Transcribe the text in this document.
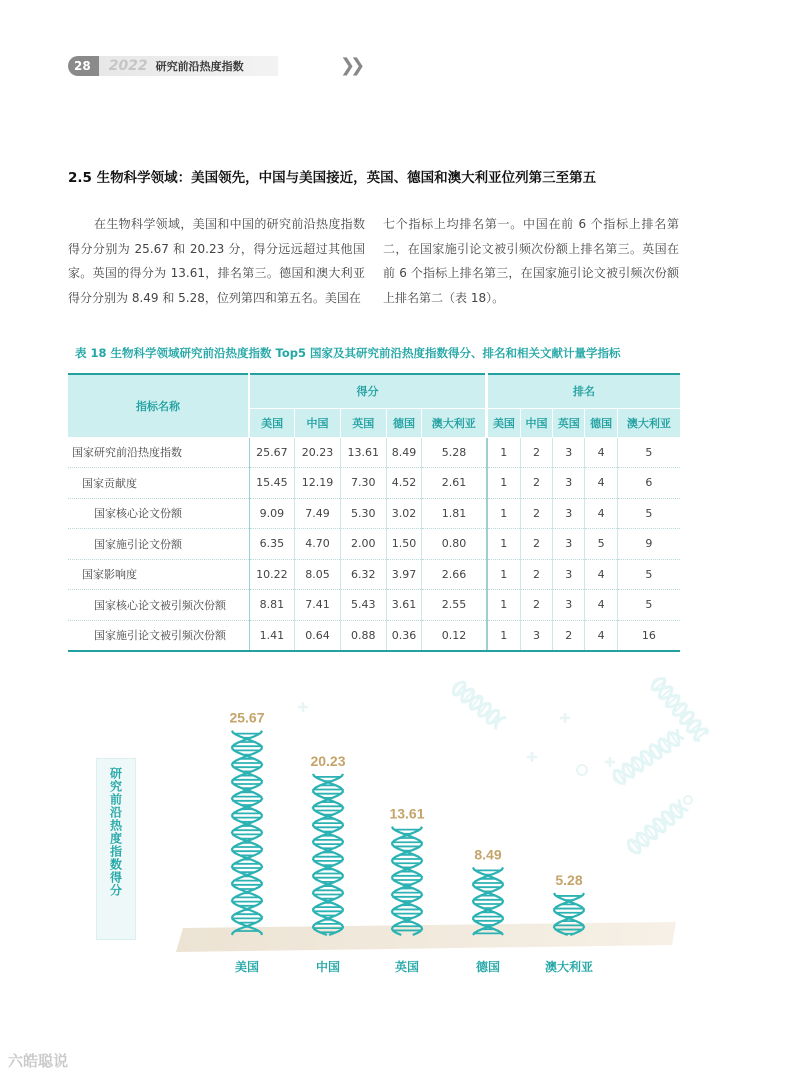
28	2022 研究前沿热度指数	❯❯
2.5 生物科学领域：美国领先，中国与美国接近，英国、德国和澳大利亚位列第三至第五

在生物科学领域，美国和中国的研究前沿热度指数得分分别为 25.67 和 20.23 分，得分远远超过其他国家。英国的得分为 13.61，排名第三。德国和澳大利亚得分分别为 8.49 和 5.28，位列第四和第五名。美国在

七个指标上均排名第一。中国在前 6 个指标上排名第二，在国家施引论文被引频次份额上排名第三。英国在前 6 个指标上排名第三，在国家施引论文被引频次份额上排名第二（表 18）。

表 18 生物科学领域研究前沿热度指数 Top5 国家及其研究前沿热度指数得分、排名和相关文献计量学指标
指标名称	得分					排名				
	美国	中国	英国	德国	澳大利亚	美国	中国	英国	德国	澳大利亚
国家研究前沿热度指数	25.67	20.23	13.61	8.49	5.28	1	2	3	4	5
国家贡献度	15.45	12.19	7.30	4.52	2.61	1	2	3	4	6
国家核心论文份额	9.09	7.49	5.30	3.02	1.81	1	2	3	4	5
国家施引论文份额	6.35	4.70	2.00	1.50	0.80	1	2	3	5	9
国家影响度	10.22	8.05	6.32	3.97	2.66	1	2	3	4	5
国家核心论文被引频次份额	8.81	7.41	5.43	3.61	2.55	1	2	3	4	5
国家施引论文被引频次份额	1.41	0.64	0.88	0.36	0.12	1	3	2	4	16
研究前沿热度指数得分
25.67
美国
20.23
中国
13.61
英国
8.49
德国
5.28
澳大利亚
六皓聪说
